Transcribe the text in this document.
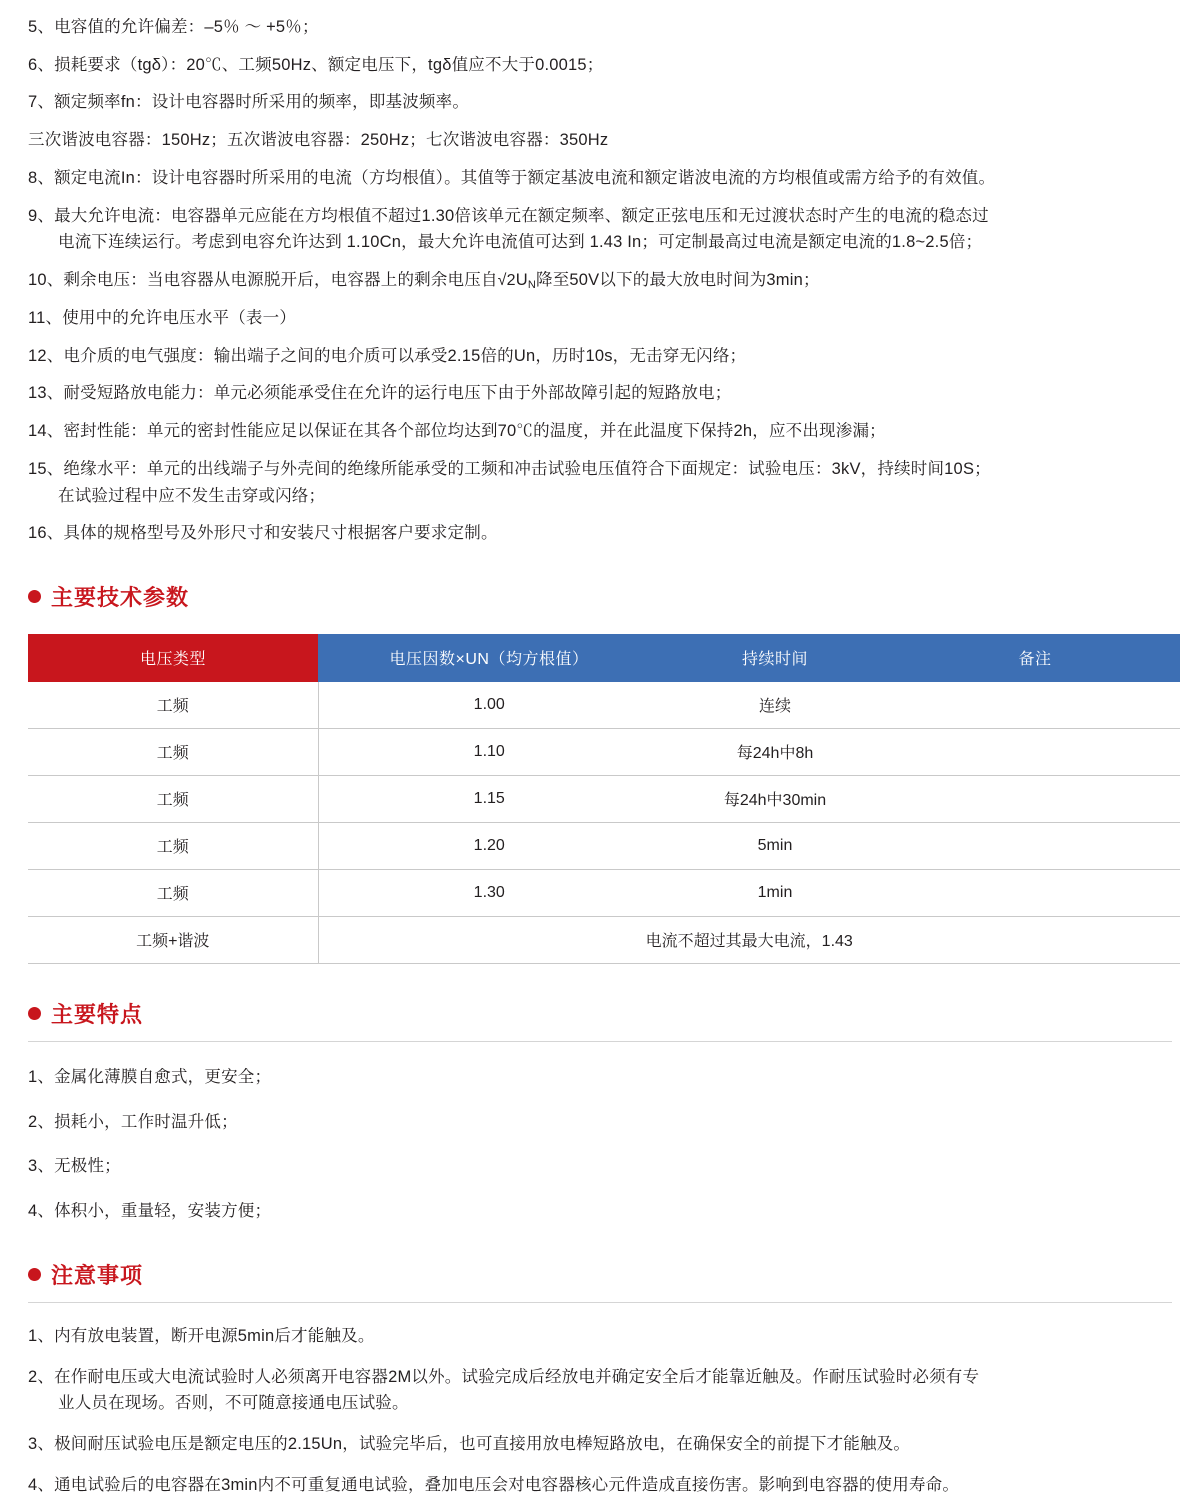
5、电容值的允许偏差：–5％ ～ +5％；

6、损耗要求（tgδ）：20℃、工频50Hz、额定电压下，tgδ值应不大于0.0015；

7、额定频率fn：设计电容器时所采用的频率，即基波频率。

三次谐波电容器：150Hz；五次谐波电容器：250Hz；七次谐波电容器：350Hz

8、额定电流In：设计电容器时所采用的电流（方均根值）。其值等于额定基波电流和额定谐波电流的方均根值或需方给予的有效值。

9、最大允许电流：电容器单元应能在方均根值不超过1.30倍该单元在额定频率、额定正弦电压和无过渡状态时产生的电流的稳态过
电流下连续运行。考虑到电容允许达到 1.10Cn，最大允许电流值可达到 1.43 In；可定制最高过电流是额定电流的1.8~2.5倍；

10、剩余电压：当电容器从电源脱开后，电容器上的剩余电压自$√2U_N$降至50V以下的最大放电时间为3min；

11、使用中的允许电压水平（表一）

12、电介质的电气强度：输出端子之间的电介质可以承受2.15倍的Un，历时10s，无击穿无闪络；

13、耐受短路放电能力：单元必须能承受住在允许的运行电压下由于外部故障引起的短路放电；

14、密封性能：单元的密封性能应足以保证在其各个部位均达到70℃的温度，并在此温度下保持2h，应不出现渗漏；

15、绝缘水平：单元的出线端子与外壳间的绝缘所能承受的工频和冲击试验电压值符合下面规定：试验电压：3kV，持续时间10S；
在试验过程中应不发生击穿或闪络；

16、具体的规格型号及外形尺寸和安装尺寸根据客户要求定制。

主要技术参数
电压类型	电压因数×UN（均方根值）	持续时间	备注
工频	1.00	连续	
工频	1.10	每24h中8h	
工频	1.15	每24h中30min	
工频	1.20	5min	
工频	1.30	1min	
工频+谐波	电流不超过其最大电流，1.43		
主要特点

1、金属化薄膜自愈式，更安全；

2、损耗小，工作时温升低；

3、无极性；

4、体积小，重量轻，安装方便；

注意事项

1、内有放电装置，断开电源5min后才能触及。

2、在作耐电压或大电流试验时人必须离开电容器2M以外。试验完成后经放电并确定安全后才能靠近触及。作耐压试验时必须有专
业人员在现场。否则，不可随意接通电压试验。

3、极间耐压试验电压是额定电压的2.15Un，试验完毕后，也可直接用放电棒短路放电，在确保安全的前提下才能触及。

4、通电试验后的电容器在3min内不可重复通电试验，叠加电压会对电容器核心元件造成直接伤害。影响到电容器的使用寿命。
